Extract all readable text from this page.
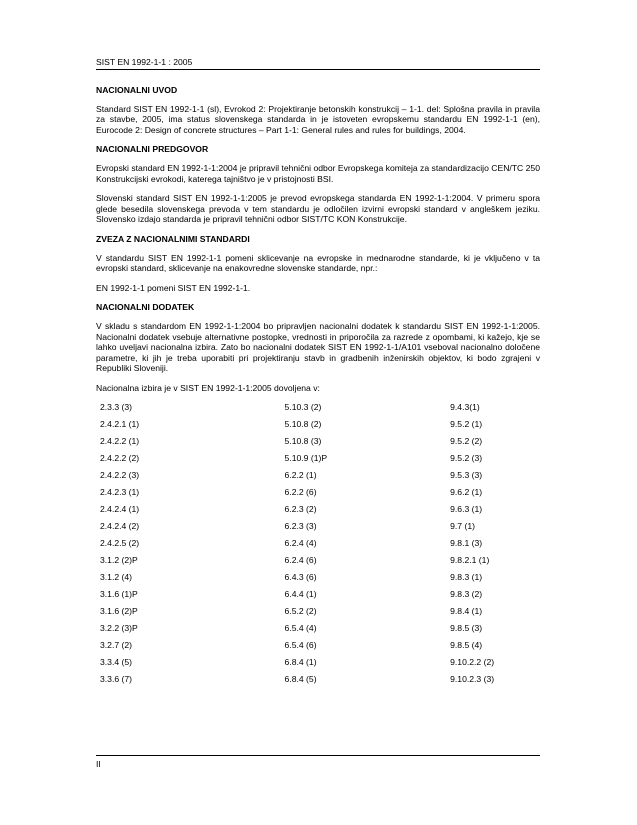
SIST EN 1992-1-1 : 2005
NACIONALNI UVOD

Standard SIST EN 1992-1-1 (sl), Evrokod 2: Projektiranje betonskih konstrukcij – 1-1. del: Splošna pravila in pravila za stavbe, 2005, ima status slovenskega standarda in je istoveten evropskemu standardu EN 1992-1-1 (en), Eurocode 2: Design of concrete structures – Part 1-1: General rules and rules for buildings, 2004.

NACIONALNI PREDGOVOR

Evropski standard EN 1992-1-1:2004 je pripravil tehnični odbor Evropskega komiteja za standardizacijo CEN/TC 250 Konstrukcijski evrokodi, katerega tajništvo je v pristojnosti BSI.

Slovenski standard SIST EN 1992-1-1:2005 je prevod evropskega standarda EN 1992-1-1:2004. V primeru spora glede besedila slovenskega prevoda v tem standardu je odločilen izvirni evropski standard v angleškem jeziku. Slovensko izdajo standarda je pripravil tehnični odbor SIST/TC KON Konstrukcije.

ZVEZA Z NACIONALNIMI STANDARDI

V standardu SIST EN 1992-1-1 pomeni sklicevanje na evropske in mednarodne standarde, ki je vključeno v ta evropski standard, sklicevanje na enakovredne slovenske standarde, npr.:

EN 1992-1-1 pomeni SIST EN 1992-1-1.

NACIONALNI DODATEK

V skladu s standardom EN 1992-1-1:2004 bo pripravljen nacionalni dodatek k standardu SIST EN 1992-1-1:2005. Nacionalni dodatek vsebuje alternativne postopke, vrednosti in priporočila za razrede z opombami, ki kažejo, kje se lahko uveljavi nacionalna izbira. Zato bo nacionalni dodatek SIST EN 1992-1-1/A101 vseboval nacionalno določene parametre, ki jih je treba uporabiti pri projektiranju stavb in gradbenih inženirskih objektov, ki bodo zgrajeni v Republiki Sloveniji.

Nacionalna izbira je v SIST EN 1992-1-1:2005 dovoljena v:

2.3.3 (3)	5.10.3 (2)	9.4.3(1)
2.4.2.1 (1)	5.10.8 (2)	9.5.2 (1)
2.4.2.2 (1)	5.10.8 (3)	9.5.2 (2)
2.4.2.2 (2)	5.10.9 (1)P	9.5.2 (3)
2.4.2.2 (3)	6.2.2 (1)	9.5.3 (3)
2.4.2.3 (1)	6.2.2 (6)	9.6.2 (1)
2.4.2.4 (1)	6.2.3 (2)	9.6.3 (1)
2.4.2.4 (2)	6.2.3 (3)	9.7 (1)
2.4.2.5 (2)	6.2.4 (4)	9.8.1 (3)
3.1.2 (2)P	6.2.4 (6)	9.8.2.1 (1)
3.1.2 (4)	6.4.3 (6)	9.8.3 (1)
3.1.6 (1)P	6.4.4 (1)	9.8.3 (2)
3.1.6 (2)P	6.5.2 (2)	9.8.4 (1)
3.2.2 (3)P	6.5.4 (4)	9.8.5 (3)
3.2.7 (2)	6.5.4 (6)	9.8.5 (4)
3.3.4 (5)	6.8.4 (1)	9.10.2.2 (2)
3.3.6 (7)	6.8.4 (5)	9.10.2.3 (3)
II
